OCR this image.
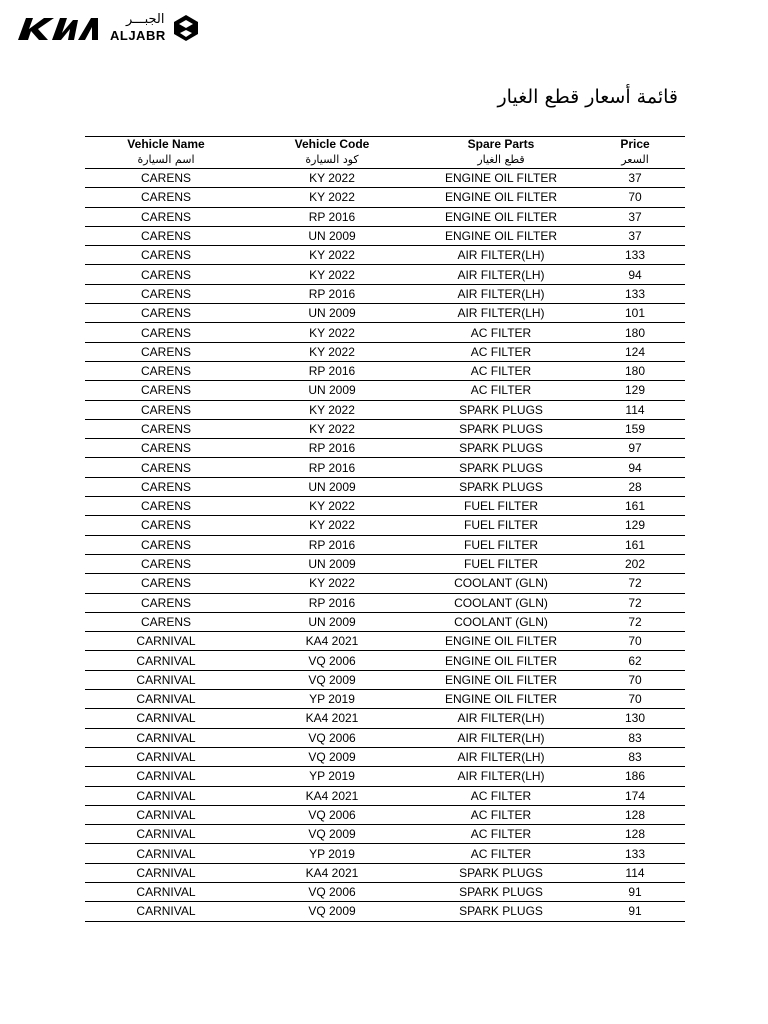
الجبـــر
ALJABR
قائمة أسعار قطع الغيار
Vehicle Name	Vehicle Code	Spare Parts	Price
اسم السيارة	كود السيارة	قطع الغيار	السعر
CARENS	KY 2022	ENGINE OIL FILTER	37
CARENS	KY 2022	ENGINE OIL FILTER	70
CARENS	RP 2016	ENGINE OIL FILTER	37
CARENS	UN 2009	ENGINE OIL FILTER	37
CARENS	KY 2022	AIR FILTER(LH)	133
CARENS	KY 2022	AIR FILTER(LH)	94
CARENS	RP 2016	AIR FILTER(LH)	133
CARENS	UN 2009	AIR FILTER(LH)	101
CARENS	KY 2022	AC FILTER	180
CARENS	KY 2022	AC FILTER	124
CARENS	RP 2016	AC FILTER	180
CARENS	UN 2009	AC FILTER	129
CARENS	KY 2022	SPARK PLUGS	114
CARENS	KY 2022	SPARK PLUGS	159
CARENS	RP 2016	SPARK PLUGS	97
CARENS	RP 2016	SPARK PLUGS	94
CARENS	UN 2009	SPARK PLUGS	28
CARENS	KY 2022	FUEL FILTER	161
CARENS	KY 2022	FUEL FILTER	129
CARENS	RP 2016	FUEL FILTER	161
CARENS	UN 2009	FUEL FILTER	202
CARENS	KY 2022	COOLANT (GLN)	72
CARENS	RP 2016	COOLANT (GLN)	72
CARENS	UN 2009	COOLANT (GLN)	72
CARNIVAL	KA4 2021	ENGINE OIL FILTER	70
CARNIVAL	VQ 2006	ENGINE OIL FILTER	62
CARNIVAL	VQ 2009	ENGINE OIL FILTER	70
CARNIVAL	YP 2019	ENGINE OIL FILTER	70
CARNIVAL	KA4 2021	AIR FILTER(LH)	130
CARNIVAL	VQ 2006	AIR FILTER(LH)	83
CARNIVAL	VQ 2009	AIR FILTER(LH)	83
CARNIVAL	YP 2019	AIR FILTER(LH)	186
CARNIVAL	KA4 2021	AC FILTER	174
CARNIVAL	VQ 2006	AC FILTER	128
CARNIVAL	VQ 2009	AC FILTER	128
CARNIVAL	YP 2019	AC FILTER	133
CARNIVAL	KA4 2021	SPARK PLUGS	114
CARNIVAL	VQ 2006	SPARK PLUGS	91
CARNIVAL	VQ 2009	SPARK PLUGS	91
